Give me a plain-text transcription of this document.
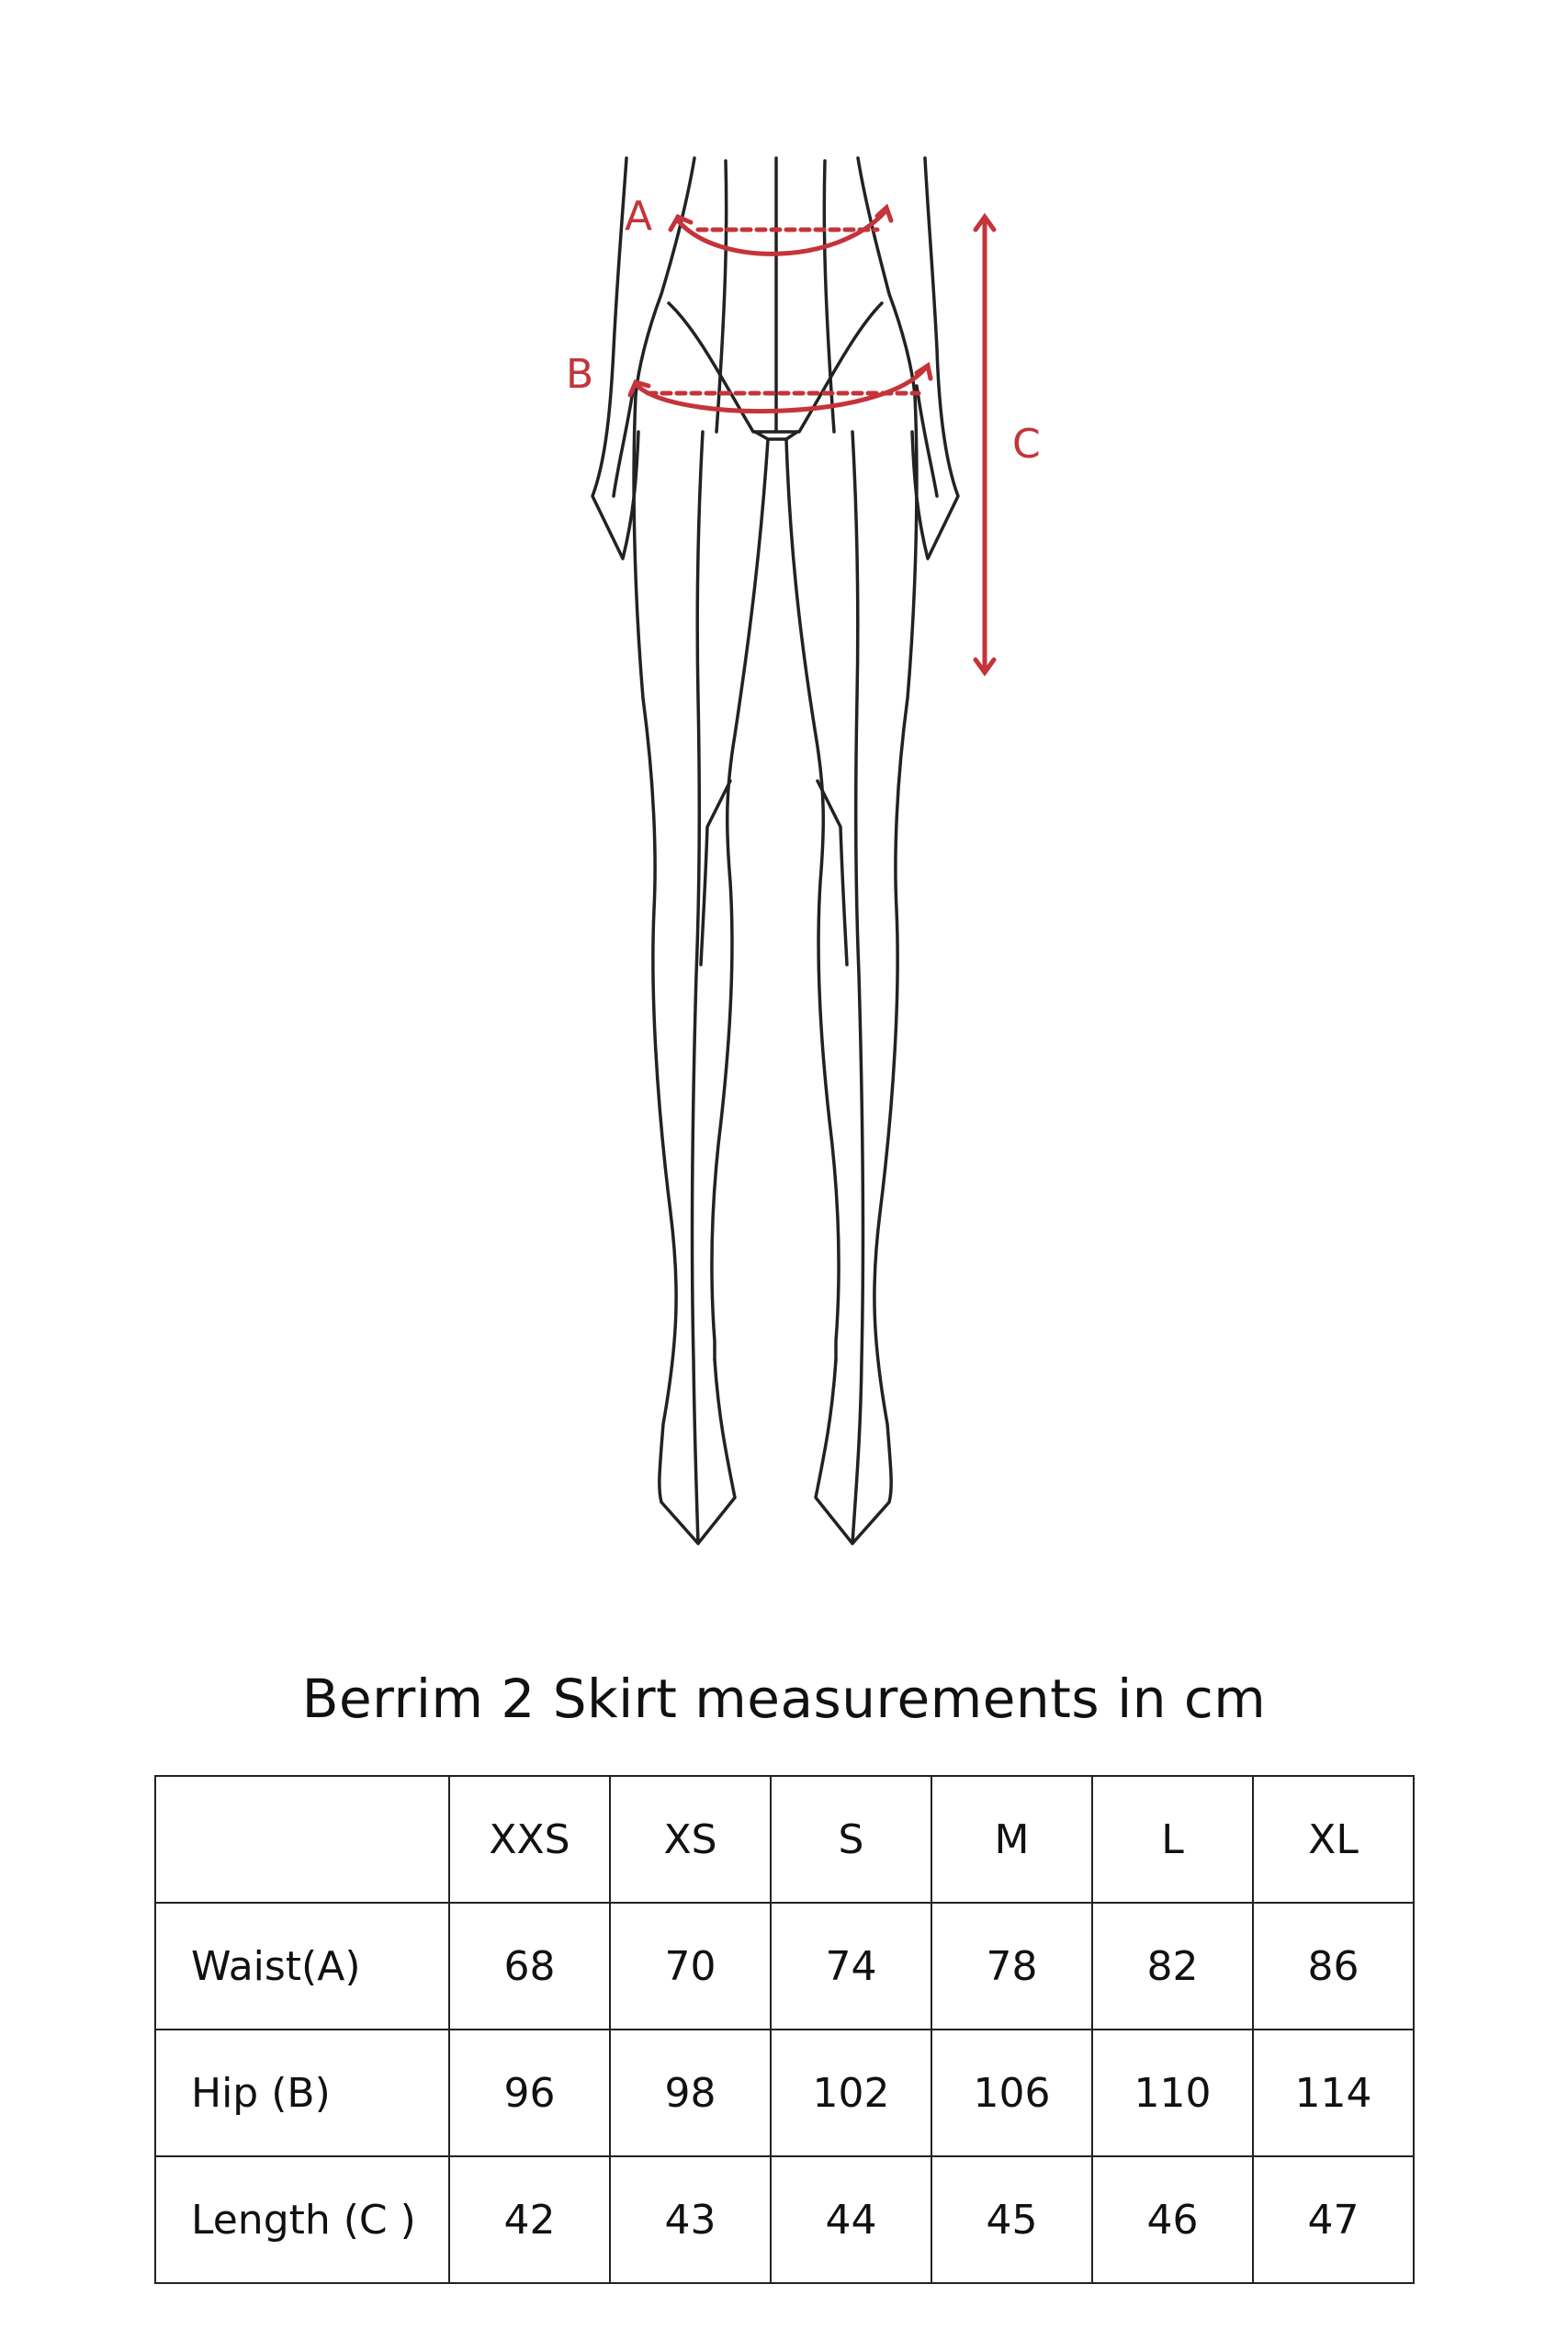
A
B
C
Berrim 2 Skirt measurements in cm
	XXS	XS	S	M	L	XL
Waist(A)	68	70	74	78	82	86
Hip (B)	96	98	102	106	110	114
Length (C )	42	43	44	45	46	47
